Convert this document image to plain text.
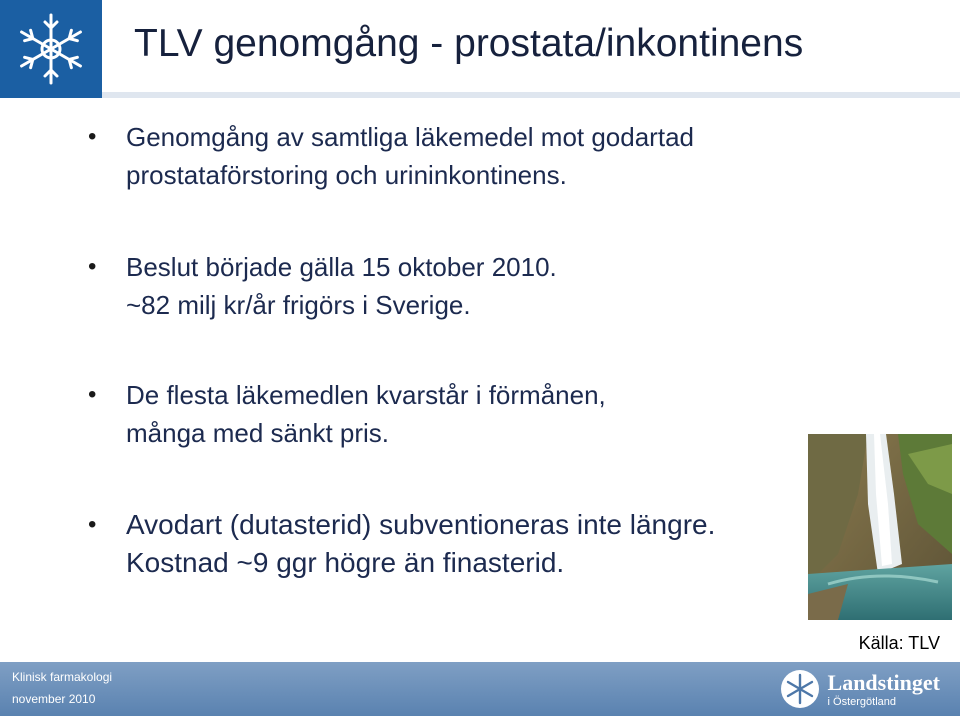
TLV genomgång - prostata/inkontinens
•	Genomgång av samtliga läkemedel mot godartad
prostataförstoring och urininkontinens.
•	Beslut började gälla 15 oktober 2010.
~82 milj kr/år frigörs i Sverige.
•	De flesta läkemedlen kvarstår i förmånen,
många med sänkt pris.
•	Avodart (dutasterid) subventioneras inte längre.
Kostnad ~9 ggr högre än finasterid.
Källa: TLV
Klinisk farmakologi
november 2010
Landstinget
i Östergötland
